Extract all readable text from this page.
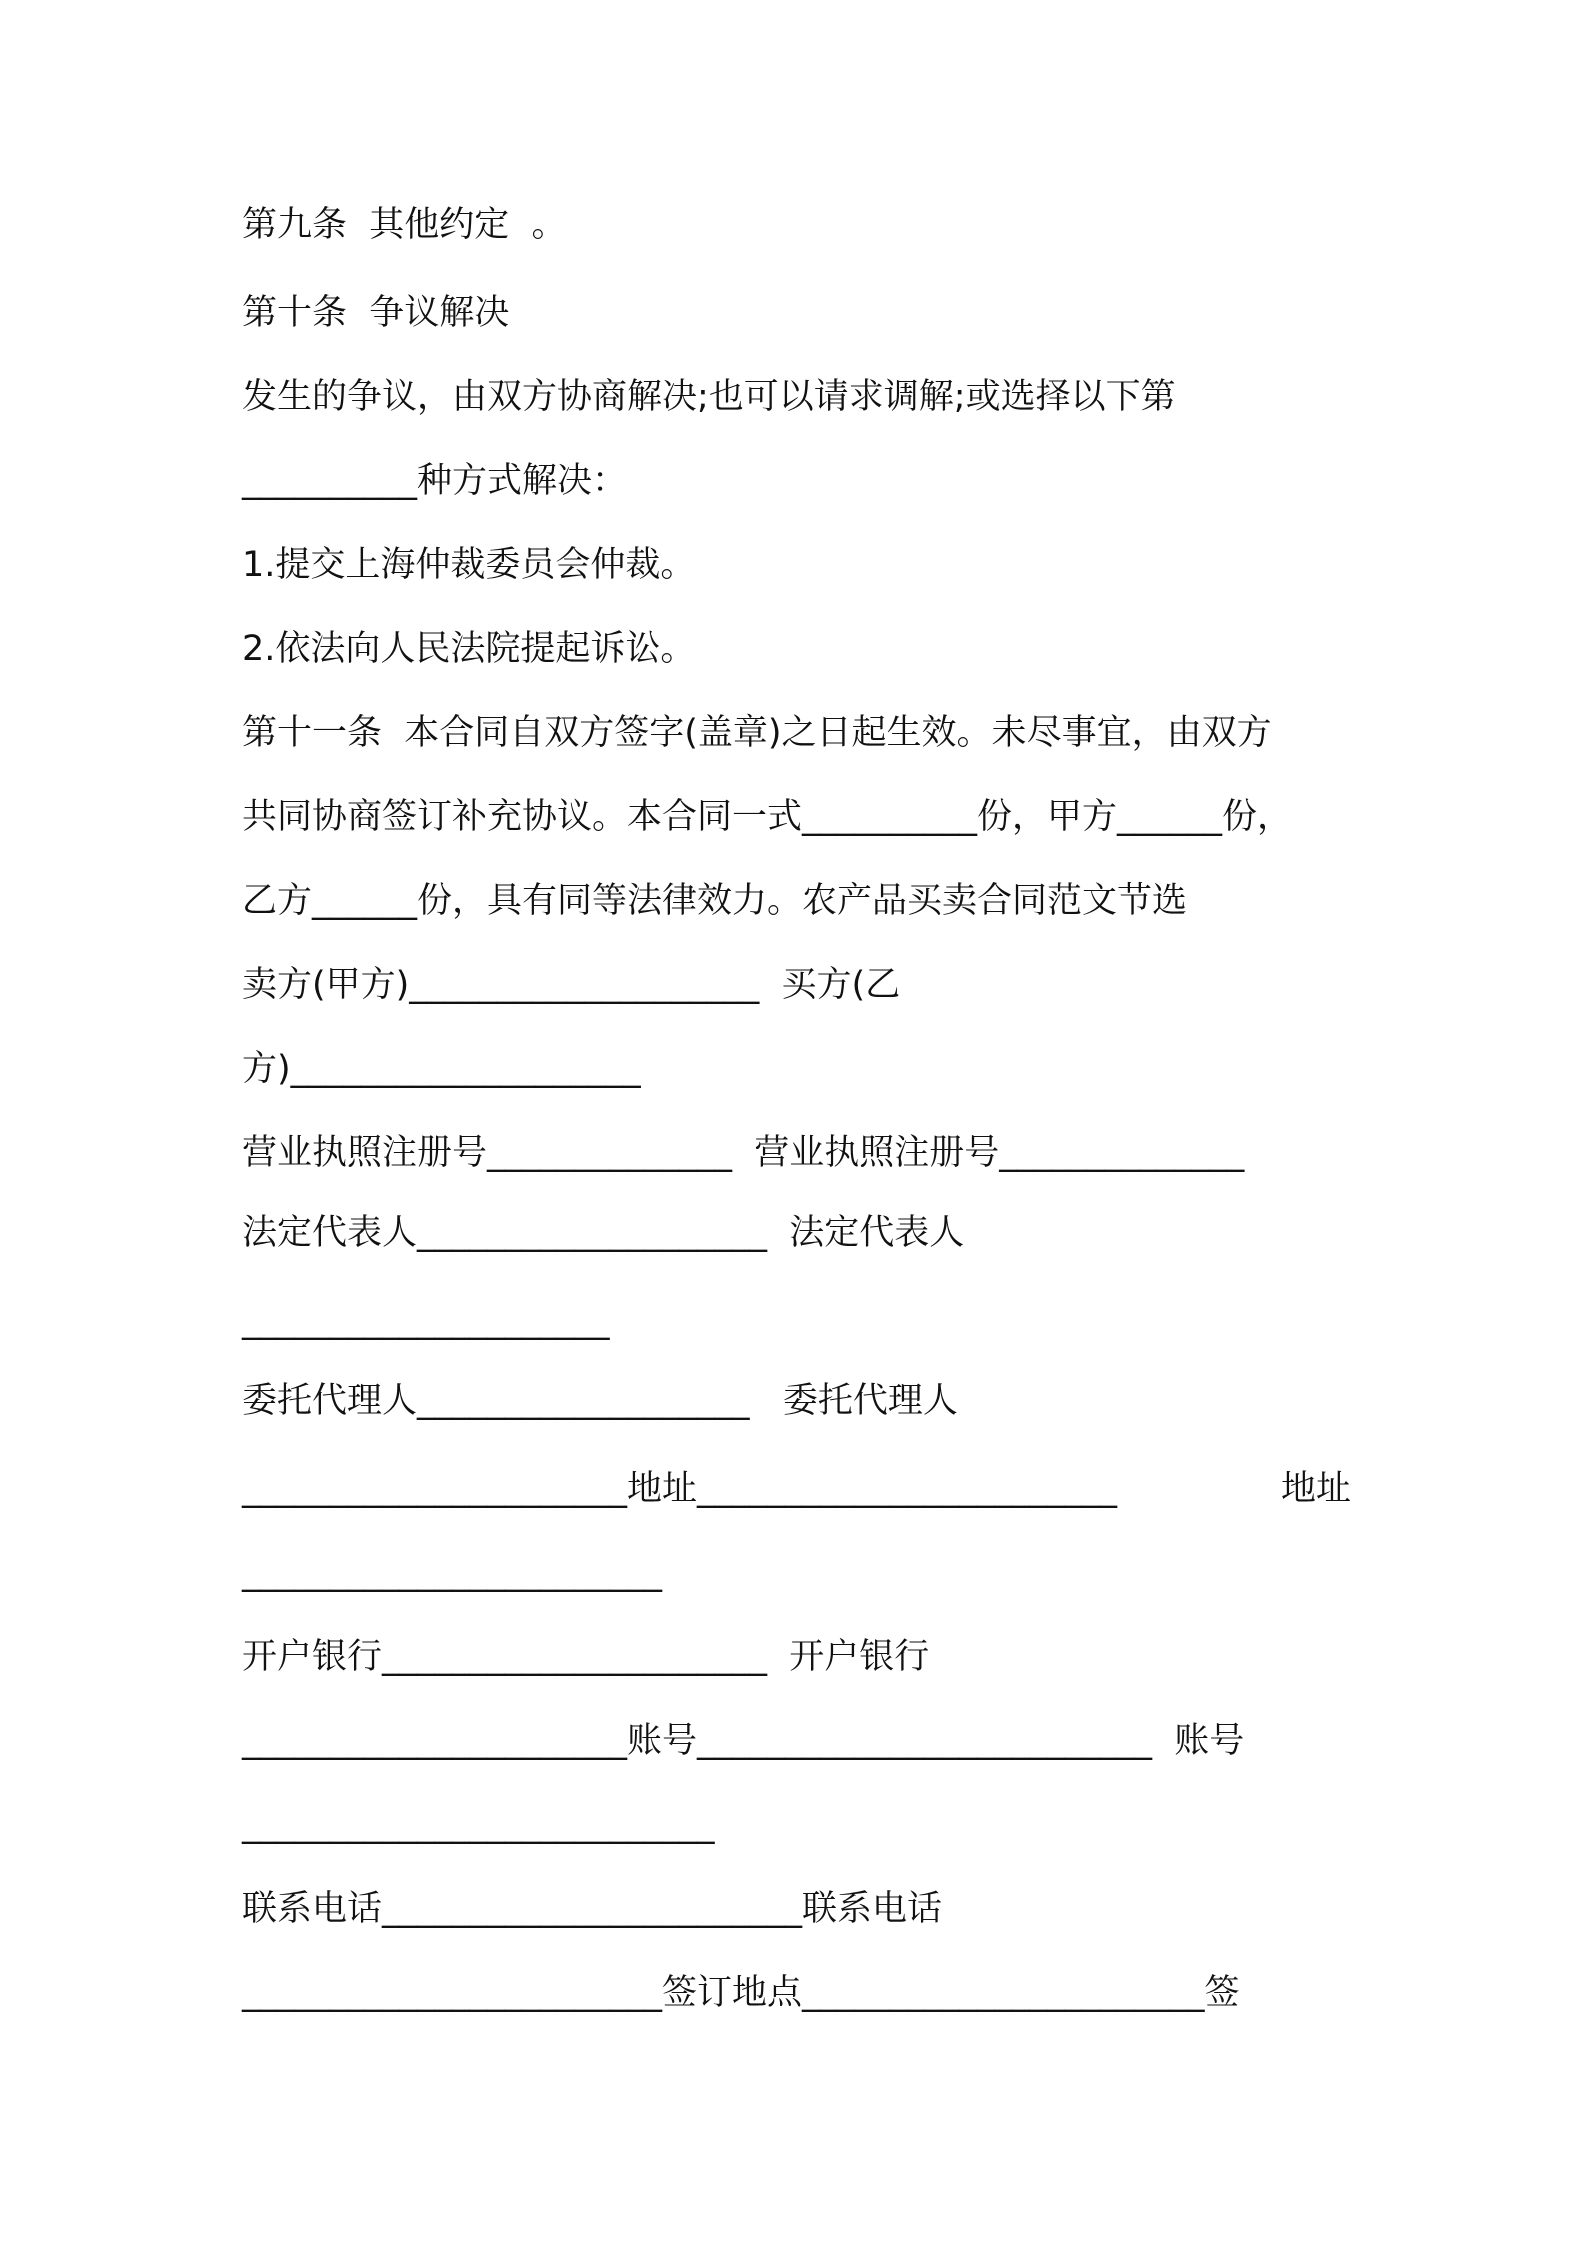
第九条  其他约定  。
第十条  争议解决
发生的争议，由双方协商解决;也可以请求调解;或选择以下第
__________种方式解决：
1.提交上海仲裁委员会仲裁。
2.依法向人民法院提起诉讼。
第十一条  本合同自双方签字(盖章)之日起生效。未尽事宜，由双方
共同协商签订补充协议。本合同一式__________份，甲方______份，
乙方______份，具有同等法律效力。农产品买卖合同范文节选
卖方(甲方)____________________  买方(乙
方)____________________
营业执照注册号______________  营业执照注册号______________
法定代表人____________________  法定代表人
_____________________
委托代理人___________________   委托代理人
______________________地址________________________	地址
________________________
开户银行______________________  开户银行
______________________账号__________________________  账号
___________________________
联系电话________________________联系电话
________________________签订地点_______________________签
